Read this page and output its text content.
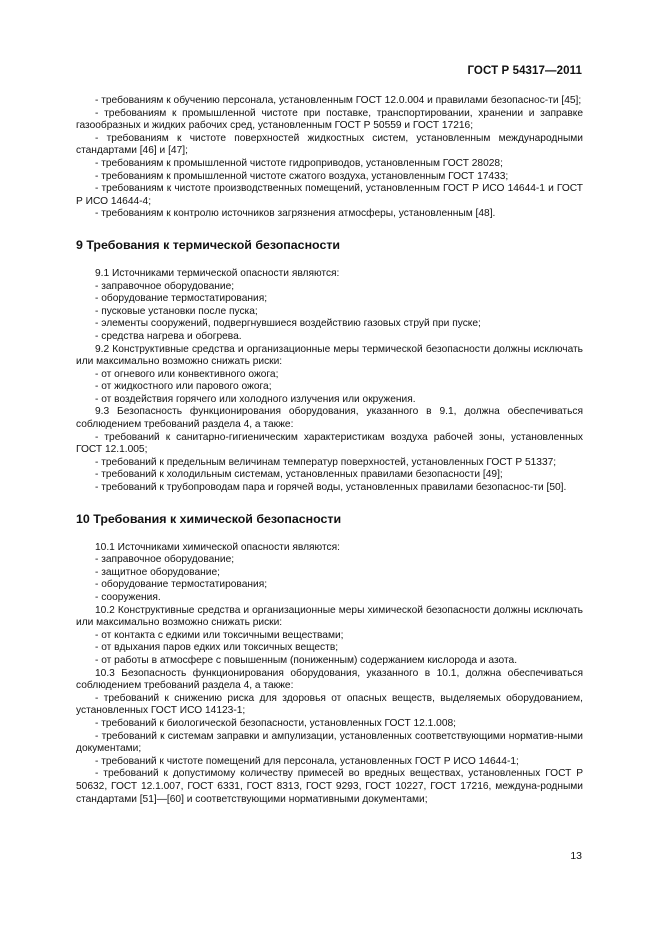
ГОСТ Р 54317—2011

- требованиям к обучению персонала, установленным ГОСТ 12.0.004 и правилами безопаснос-ти [45];

- требованиям к промышленной чистоте при поставке, транспортировании, хранении и заправке газообразных и жидких рабочих сред, установленным ГОСТ Р 50559 и ГОСТ 17216;

- требованиям к чистоте поверхностей жидкостных систем, установленным международными стандартами [46] и [47];

- требованиям к промышленной чистоте гидроприводов, установленным ГОСТ 28028;

- требованиям к промышленной чистоте сжатого воздуха, установленным ГОСТ 17433;

- требованиям к чистоте производственных помещений, установленным ГОСТ Р ИСО 14644-1 и ГОСТ Р ИСО 14644-4;

- требованиям к контролю источников загрязнения атмосферы, установленным [48].

9 Требования к термической безопасности

9.1 Источниками термической опасности являются:

- заправочное оборудование;

- оборудование термостатирования;

- пусковые установки после пуска;

- элементы сооружений, подвергнувшиеся воздействию газовых струй при пуске;

- средства нагрева и обогрева.

9.2 Конструктивные средства и организационные меры термической безопасности должны исключать или максимально возможно снижать риски:

- от огневого или конвективного ожога;

- от жидкостного или парового ожога;

- от воздействия горячего или холодного излучения или окружения.

9.3 Безопасность функционирования оборудования, указанного в 9.1, должна обеспечиваться соблюдением требований раздела 4, а также:

- требований к санитарно-гигиеническим характеристикам воздуха рабочей зоны, установленных ГОСТ 12.1.005;

- требований к предельным величинам температур поверхностей, установленных ГОСТ Р 51337;

- требований к холодильным системам, установленных правилами безопасности [49];

- требований к трубопроводам пара и горячей воды, установленных правилами безопаснос-ти [50].

10 Требования к химической безопасности

10.1 Источниками химической опасности являются:

- заправочное оборудование;

- защитное оборудование;

- оборудование термостатирования;

- сооружения.

10.2 Конструктивные средства и организационные меры химической безопасности должны исключать или максимально возможно снижать риски:

- от контакта с едкими или токсичными веществами;

- от вдыхания паров едких или токсичных веществ;

- от работы в атмосфере с повышенным (пониженным) содержанием кислорода и азота.

10.3 Безопасность функционирования оборудования, указанного в 10.1, должна обеспечиваться соблюдением требований раздела 4, а также:

- требований к снижению риска для здоровья от опасных веществ, выделяемых оборудованием, установленных ГОСТ ИСО 14123-1;

- требований к биологической безопасности, установленных ГОСТ 12.1.008;

- требований к системам заправки и ампулизации, установленных соответствующими норматив-ными документами;

- требований к чистоте помещений для персонала, установленных ГОСТ Р ИСО 14644-1;

- требований к допустимому количеству примесей во вредных веществах, установленных ГОСТ Р 50632, ГОСТ 12.1.007, ГОСТ 6331, ГОСТ 8313, ГОСТ 9293, ГОСТ 10227, ГОСТ 17216, междуна-родными стандартами [51]—[60] и соответствующими нормативными документами;

13
